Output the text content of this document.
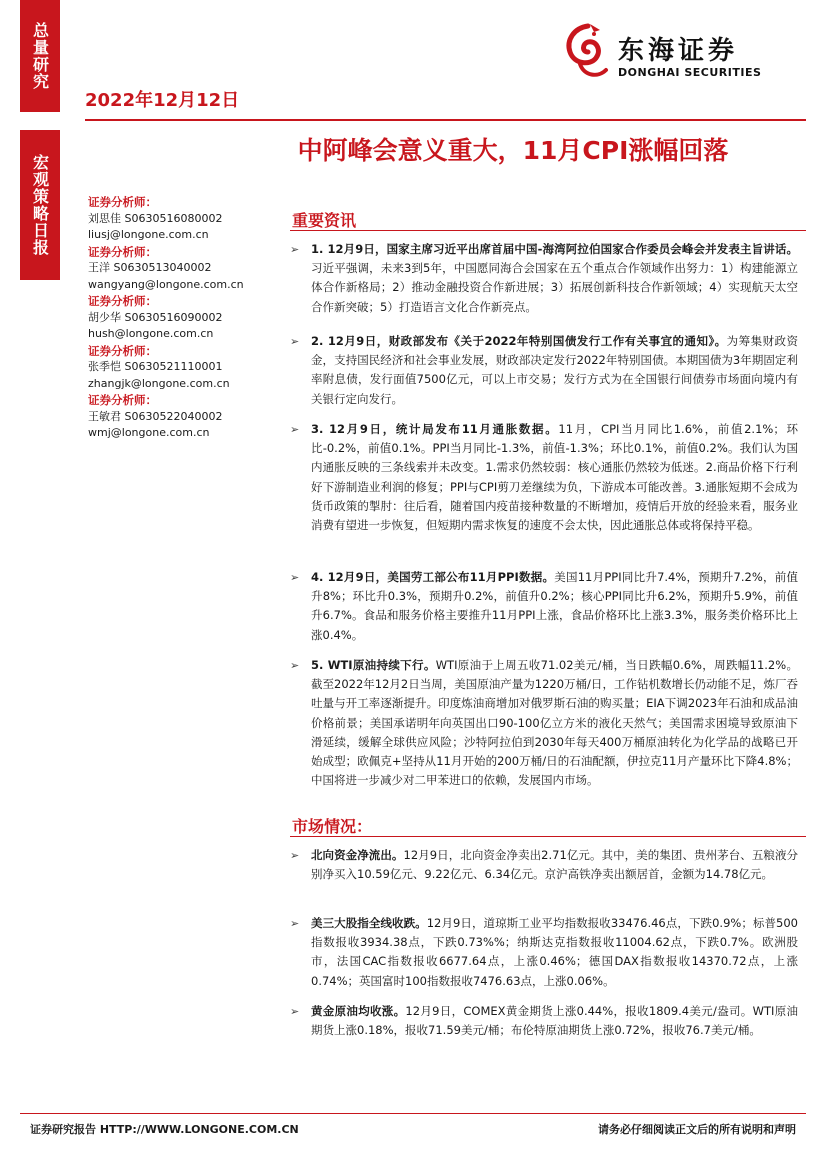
总量研究
宏观策略日报
2022年12月12日
东海证券
DONGHAI SECURITIES
中阿峰会意义重大，11月CPI涨幅回落
证券分析师：
刘思佳 S0630516080002
liusj@longone.com.cn
证券分析师：
王洋 S0630513040002
wangyang@longone.com.cn
证券分析师：
胡少华 S0630516090002
hush@longone.com.cn
证券分析师：
张季恺 S0630521110001
zhangjk@longone.com.cn
证券分析师：
王敏君 S0630522040002
wmj@longone.com.cn
重要资讯
➢ 1. 12月9日，国家主席习近平出席首届中国-海湾阿拉伯国家合作委员会峰会并发表主旨讲话。习近平强调，未来3到5年，中国愿同海合会国家在五个重点合作领域作出努力：1）构建能源立体合作新格局；2）推动金融投资合作新进展；3）拓展创新科技合作新领域；4）实现航天太空合作新突破；5）打造语言文化合作新亮点。
➢ 2. 12月9日，财政部发布《关于2022年特别国债发行工作有关事宜的通知》。为筹集财政资金，支持国民经济和社会事业发展，财政部决定发行2022年特别国债。本期国债为3年期固定利率附息债，发行面值7500亿元，可以上市交易；发行方式为在全国银行间债券市场面向境内有关银行定向发行。
➢ 3. 12月9日，统计局发布11月通胀数据。11月，CPI当月同比1.6%，前值2.1%；环比-0.2%，前值0.1%。PPI当月同比-1.3%，前值-1.3%；环比0.1%，前值0.2%。我们认为国内通胀反映的三条线索并未改变。1.需求仍然较弱：核心通胀仍然较为低迷。2.商品价格下行利好下游制造业利润的修复；PPI与CPI剪刀差继续为负，下游成本可能改善。3.通胀短期不会成为货币政策的掣肘：往后看，随着国内疫苗接种数量的不断增加，疫情后开放的经验来看，服务业消费有望进一步恢复，但短期内需求恢复的速度不会太快，因此通胀总体或将保持平稳。
➢ 4. 12月9日，美国劳工部公布11月PPI数据。美国11月PPI同比升7.4%，预期升7.2%，前值升8%；环比升0.3%，预期升0.2%，前值升0.2%；核心PPI同比升6.2%，预期升5.9%，前值升6.7%。食品和服务价格主要推升11月PPI上涨，食品价格环比上涨3.3%，服务类价格环比上涨0.4%。
➢ 5. WTI原油持续下行。WTI原油于上周五收71.02美元/桶，当日跌幅0.6%，周跌幅11.2%。截至2022年12月2日当周，美国原油产量为1220万桶/日，工作钻机数增长仍动能不足，炼厂吞吐量与开工率逐渐提升。印度炼油商增加对俄罗斯石油的购买量；EIA下调2023年石油和成品油价格前景；美国承诺明年向英国出口90-100亿立方米的液化天然气；美国需求困境导致原油下滑延续，缓解全球供应风险；沙特阿拉伯到2030年每天400万桶原油转化为化学品的战略已开始成型；欧佩克+坚持从11月开始的200万桶/日的石油配额，伊拉克11月产量环比下降4.8%；中国将进一步减少对二甲苯进口的依赖，发展国内市场。
市场情况：
➢ 北向资金净流出。12月9日，北向资金净卖出2.71亿元。其中，美的集团、贵州茅台、五粮液分别净买入10.59亿元、9.22亿元、6.34亿元。京沪高铁净卖出额居首，金额为14.78亿元。
➢ 美三大股指全线收跌。12月9日，道琼斯工业平均指数报收33476.46点，下跌0.9%；标普500指数报收3934.38点，下跌0.73%%；纳斯达克指数报收11004.62点，下跌0.7%。欧洲股市，法国CAC指数报收6677.64点，上涨0.46%；德国DAX指数报收14370.72点，上涨0.74%；英国富时100指数报收7476.63点，上涨0.06%。
➢ 黄金原油均收涨。12月9日，COMEX黄金期货上涨0.44%，报收1809.4美元/盎司。WTI原油期货上涨0.18%，报收71.59美元/桶；布伦特原油期货上涨0.72%，报收76.7美元/桶。
证券研究报告 HTTP://WWW.LONGONE.COM.CN	请务必仔细阅读正文后的所有说明和声明
